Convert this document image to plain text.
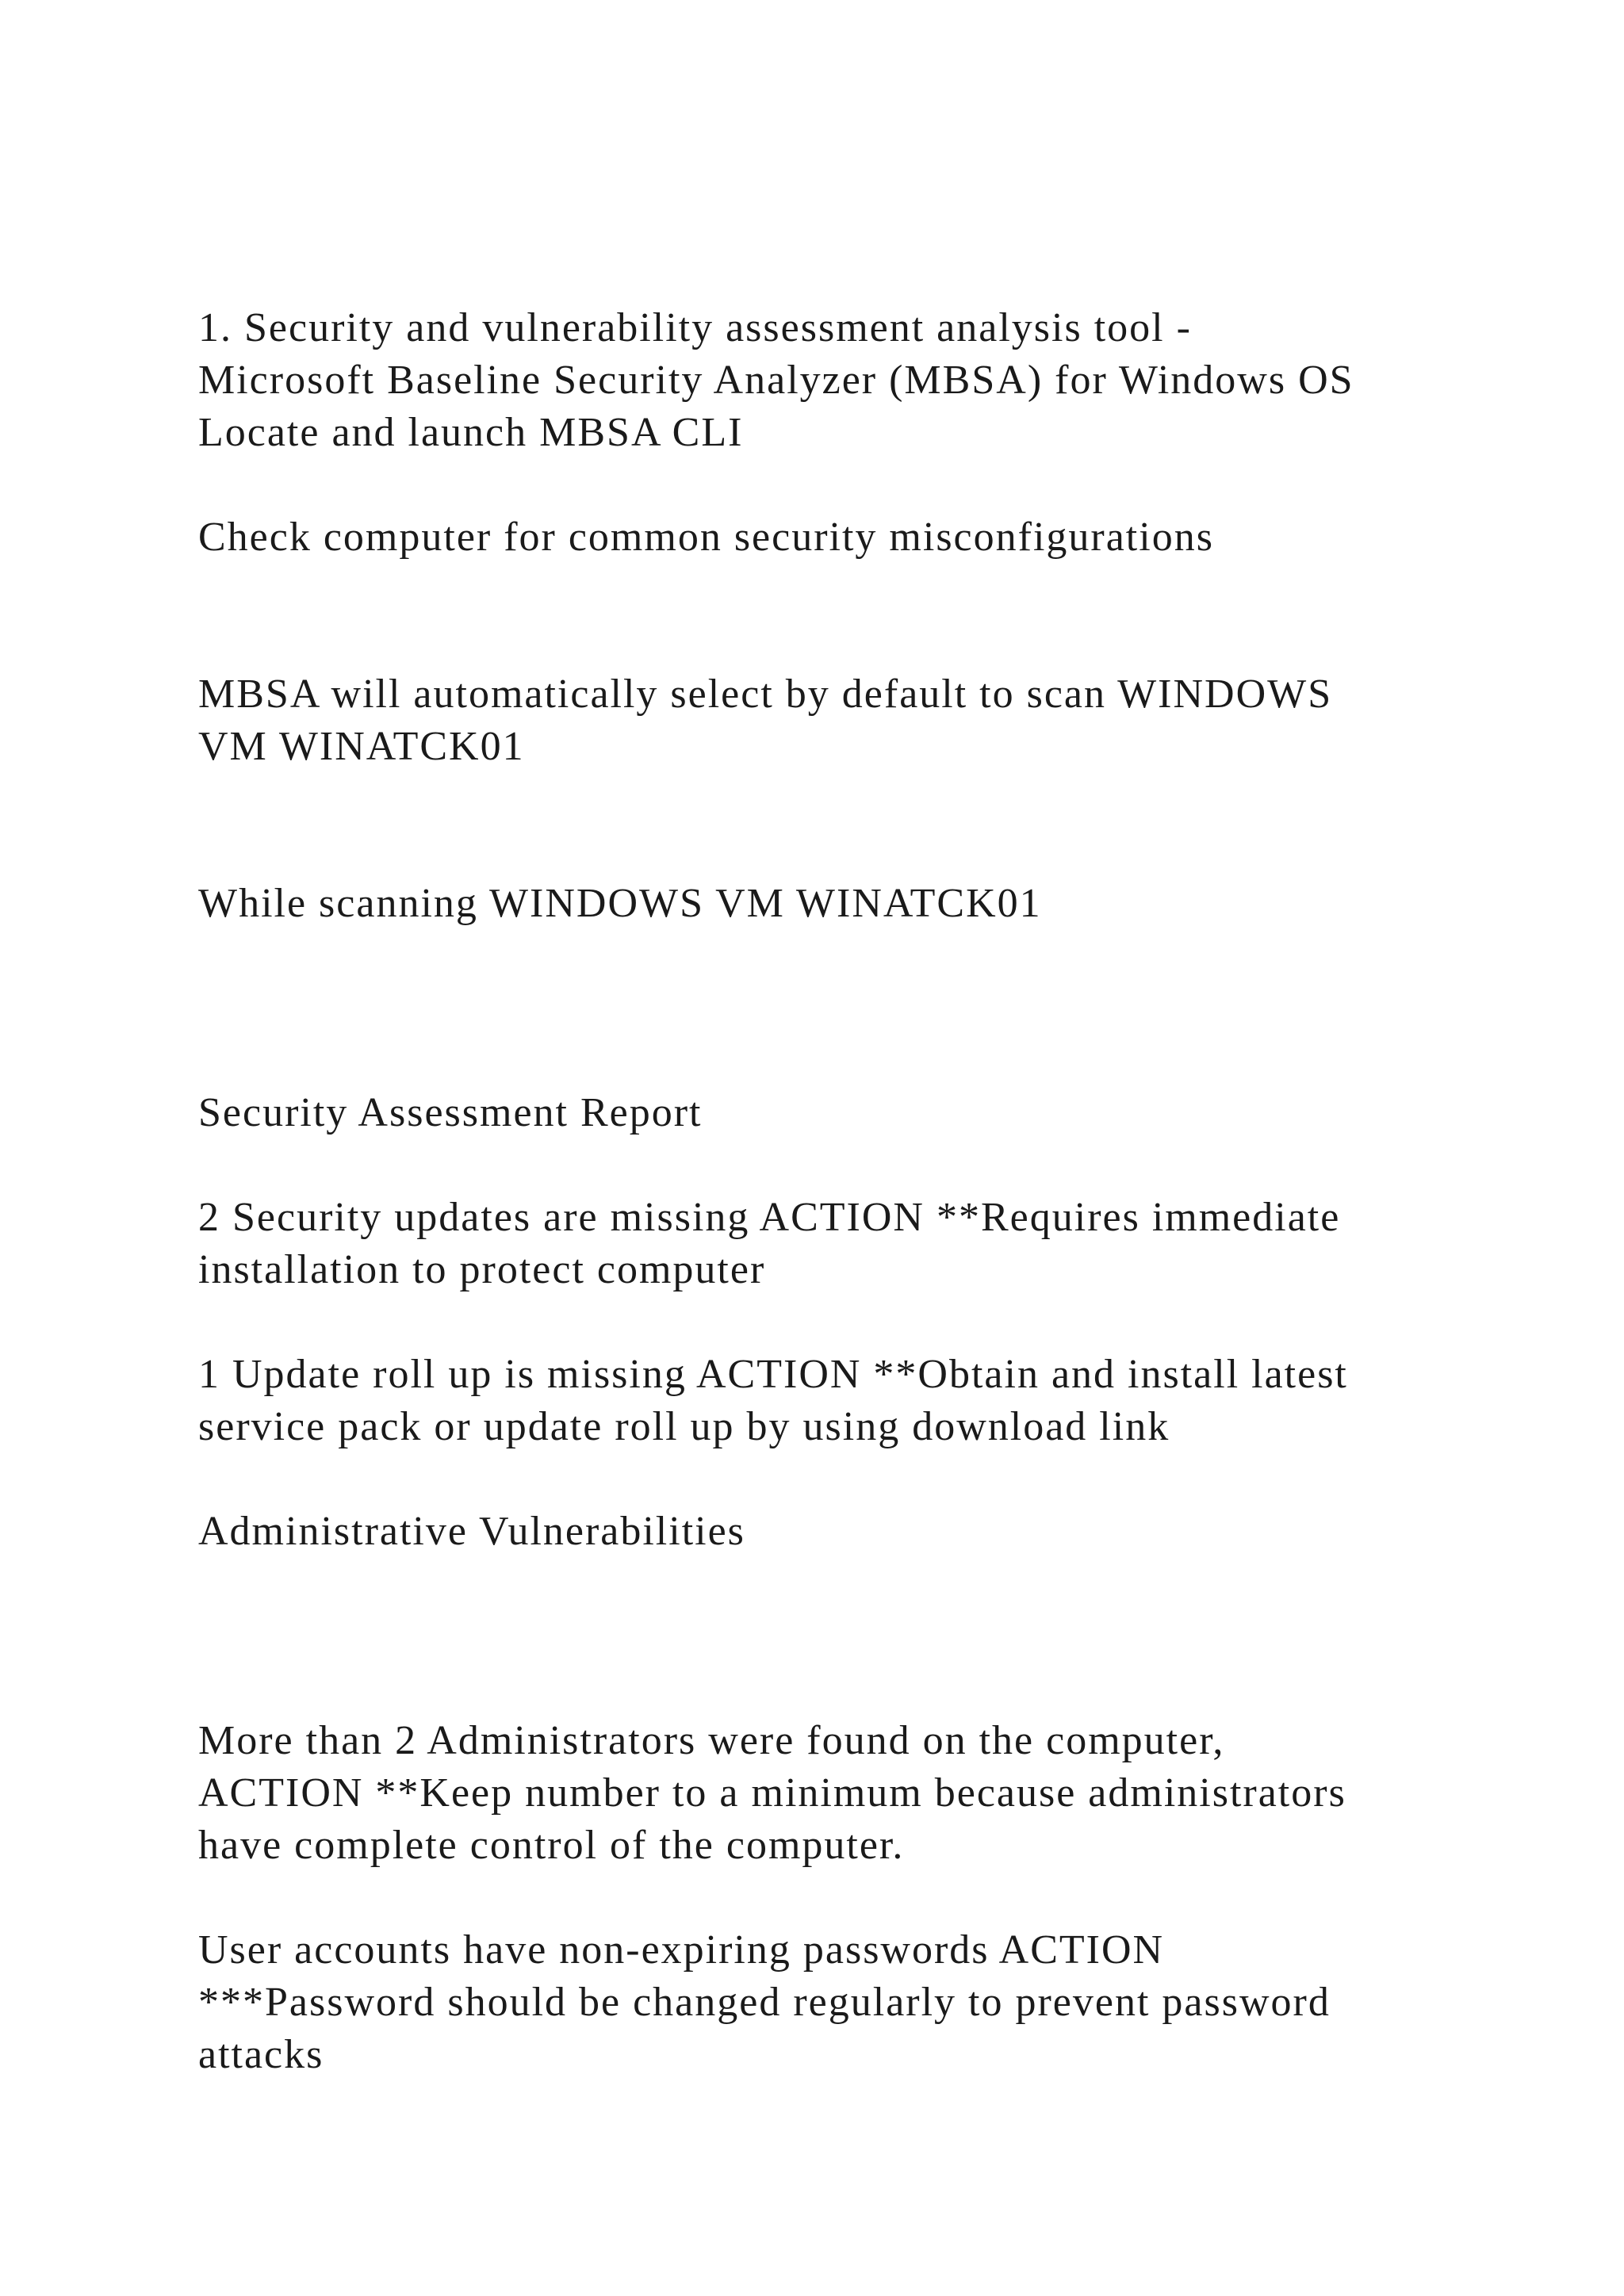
1. Security and vulnerability assessment analysis tool -

Microsoft Baseline Security Analyzer (MBSA) for Windows OS

Locate and launch MBSA CLI

Check computer for common security misconfigurations

MBSA will automatically select by default to scan WINDOWS

VM WINATCK01

While scanning WINDOWS VM WINATCK01

Security Assessment Report

2 Security updates are missing ACTION **Requires immediate

installation to protect computer

1 Update roll up is missing ACTION **Obtain and install latest

service pack or update roll up by using download link

Administrative Vulnerabilities

More than 2 Administrators were found on the computer,

ACTION **Keep number to a minimum because administrators

have complete control of the computer.

User accounts have non-expiring passwords ACTION

***Password should be changed regularly to prevent password

attacks
